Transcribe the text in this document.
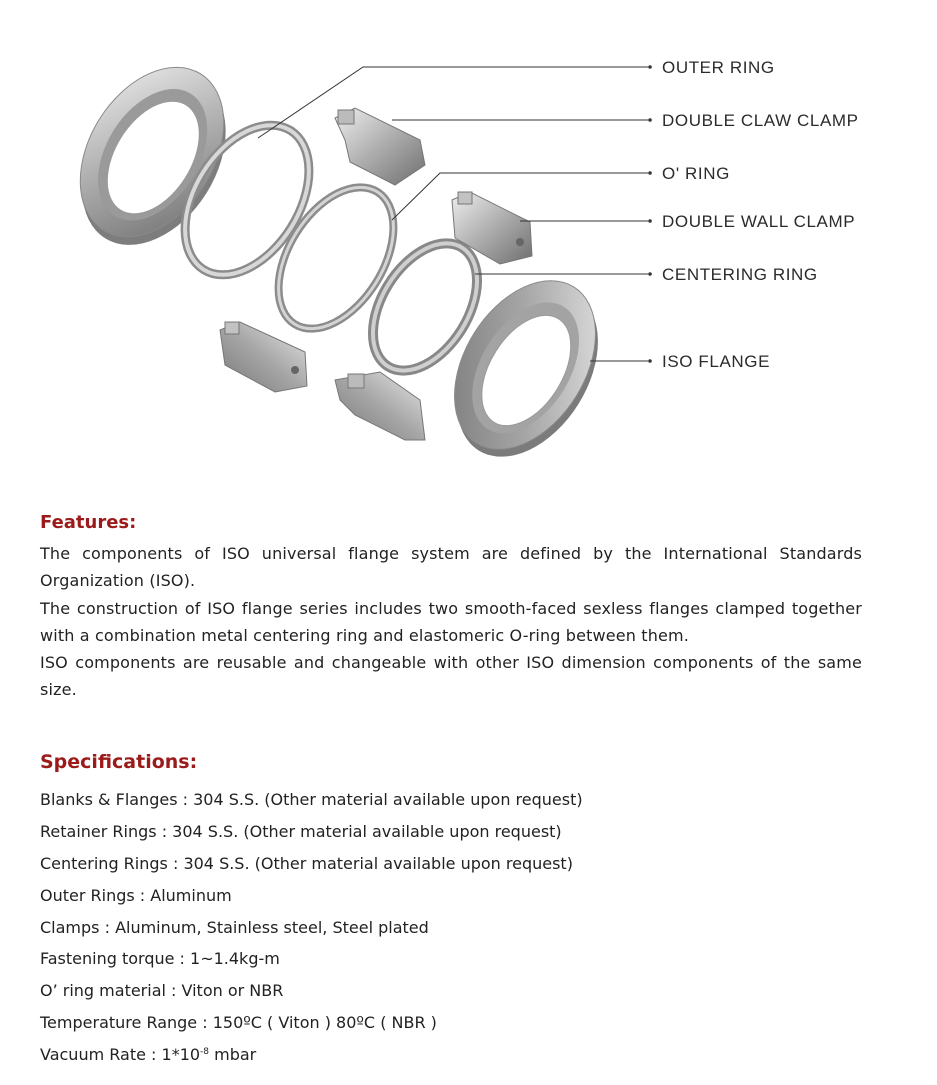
OUTER RING
DOUBLE CLAW CLAMP
O' RING
DOUBLE WALL CLAMP
CENTERING RING
ISO FLANGE
Features:

The components of ISO universal flange system are defined by the International Standards Organization (ISO).

The construction of ISO flange series includes two smooth-faced sexless flanges clamped together with a combination metal centering ring and elastomeric O-ring between them.

ISO components are reusable and changeable with other ISO dimension components of the same size.

Specifications:
Blanks & Flanges : 304 S.S. (Other material available upon request)
Retainer Rings : 304 S.S. (Other material available upon request)
Centering Rings : 304 S.S. (Other material available upon request)
Outer Rings : Aluminum
Clamps : Aluminum, Stainless steel, Steel plated
Fastening torque : 1~1.4kg-m
O’ ring material : Viton or NBR
Temperature Range : 150ºC ( Viton ) 80ºC ( NBR )
Vacuum Rate : $1*10^{-8}$ mbar
